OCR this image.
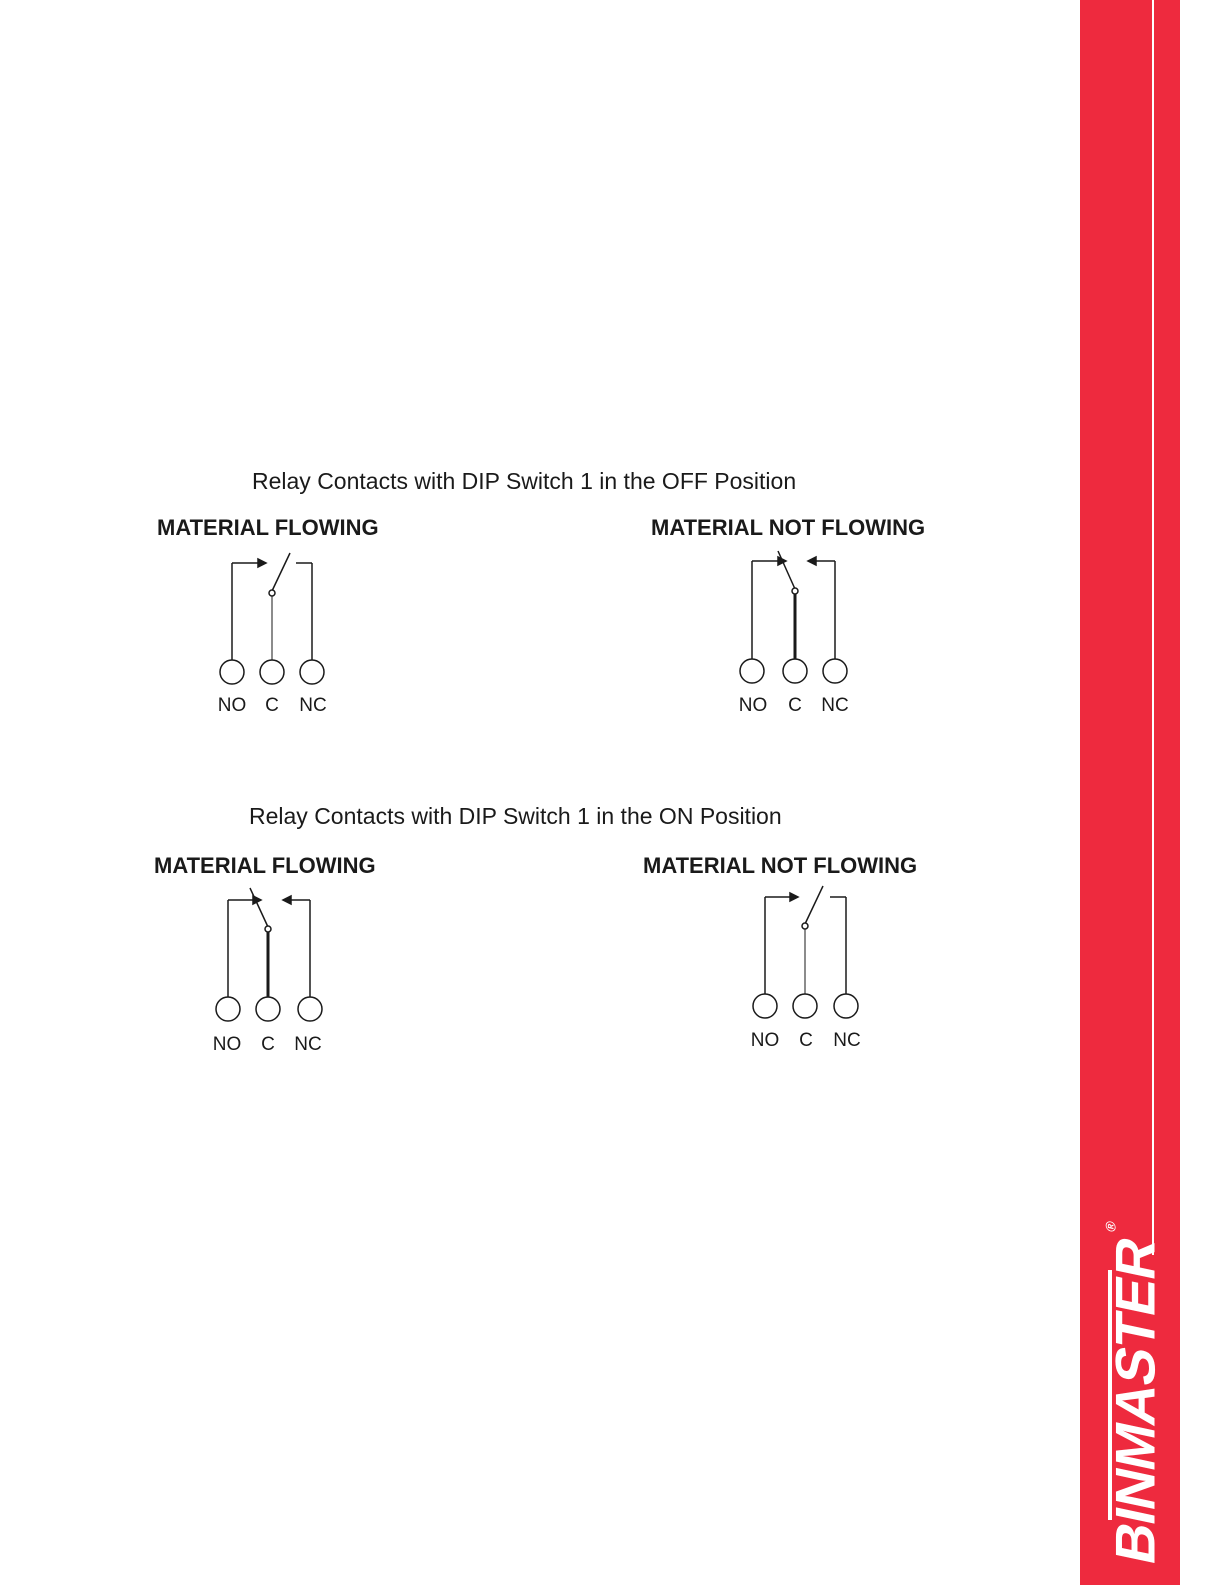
Relay Contacts with DIP Switch 1 in the OFF Position
MATERIAL FLOWING
NO C NC
MATERIAL NOT FLOWING
NO C NC
Relay Contacts with DIP Switch 1 in the ON Position
MATERIAL FLOWING
NO C NC
MATERIAL NOT FLOWING
NO C NC
BINMASTER®
